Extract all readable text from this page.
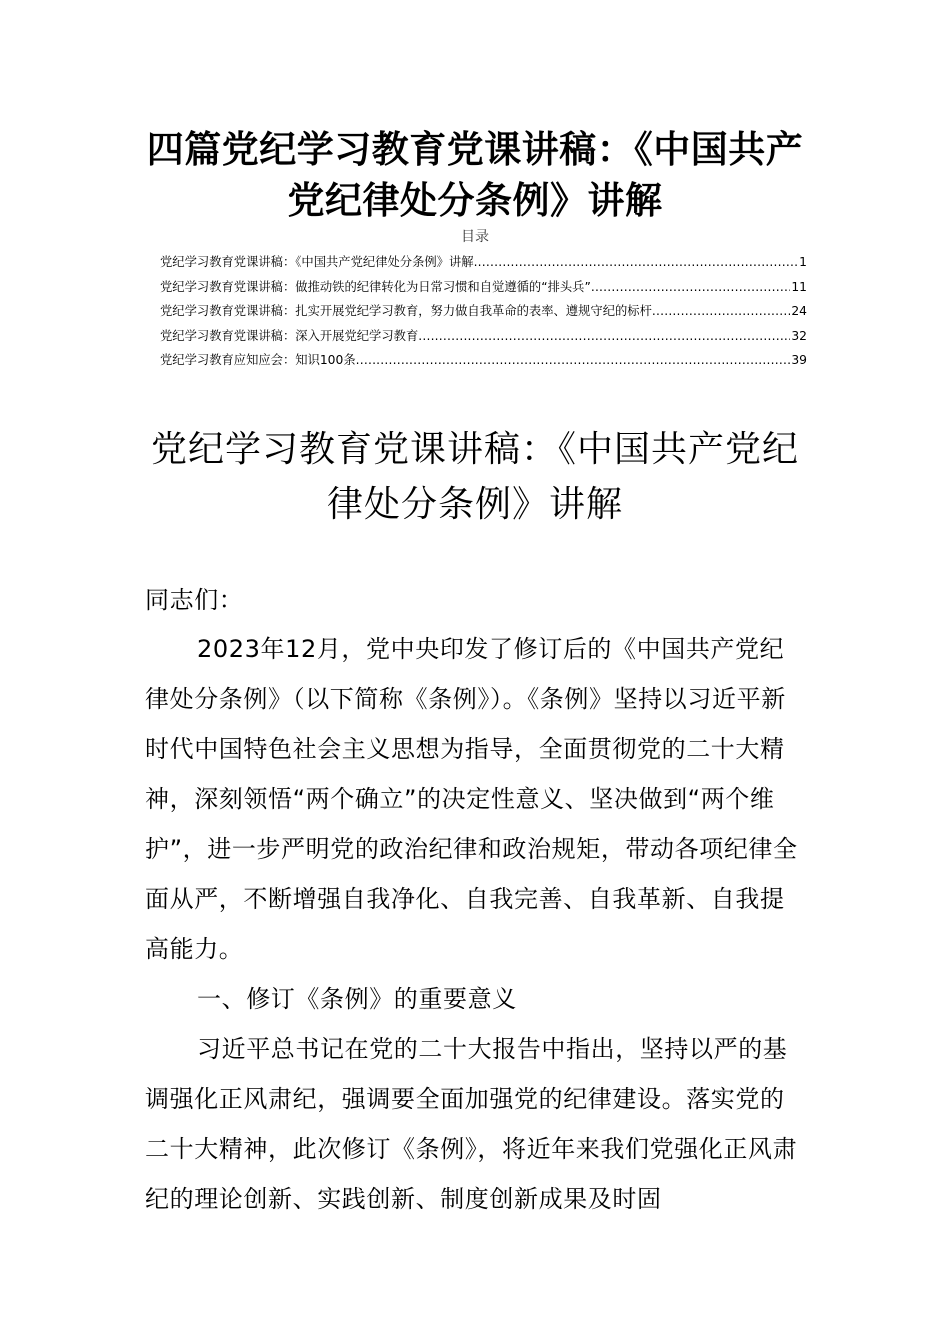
四篇党纪学习教育党课讲稿：《中国共产党纪律处分条例》讲解
目录
党纪学习教育党课讲稿：《中国共产党纪律处分条例》讲解 .....	1
党纪学习教育党课讲稿：做推动铁的纪律转化为日常习惯和自觉遵循的“排头兵” .....	11
党纪学习教育党课讲稿：扎实开展党纪学习教育，努力做自我革命的表率、遵规守纪的标杆 .....	24
党纪学习教育党课讲稿：深入开展党纪学习教育 .....	32
党纪学习教育应知应会：知识100条 .....	39
党纪学习教育党课讲稿：《中国共产党纪律处分条例》讲解
同志们：

2023年12月，党中央印发了修订后的《中国共产党纪律处分条例》（以下简称《条例》）。《条例》坚持以习近平新时代中国特色社会主义思想为指导，全面贯彻党的二十大精神，深刻领悟“两个确立”的决定性意义、坚决做到“两个维护”，进一步严明党的政治纪律和政治规矩，带动各项纪律全面从严，不断增强自我净化、自我完善、自我革新、自我提高能力。

一、修订《条例》的重要意义

习近平总书记在党的二十大报告中指出，坚持以严的基调强化正风肃纪，强调要全面加强党的纪律建设。落实党的二十大精神，此次修订《条例》，将近年来我们党强化正风肃纪的理论创新、实践创新、制度创新成果及时固
